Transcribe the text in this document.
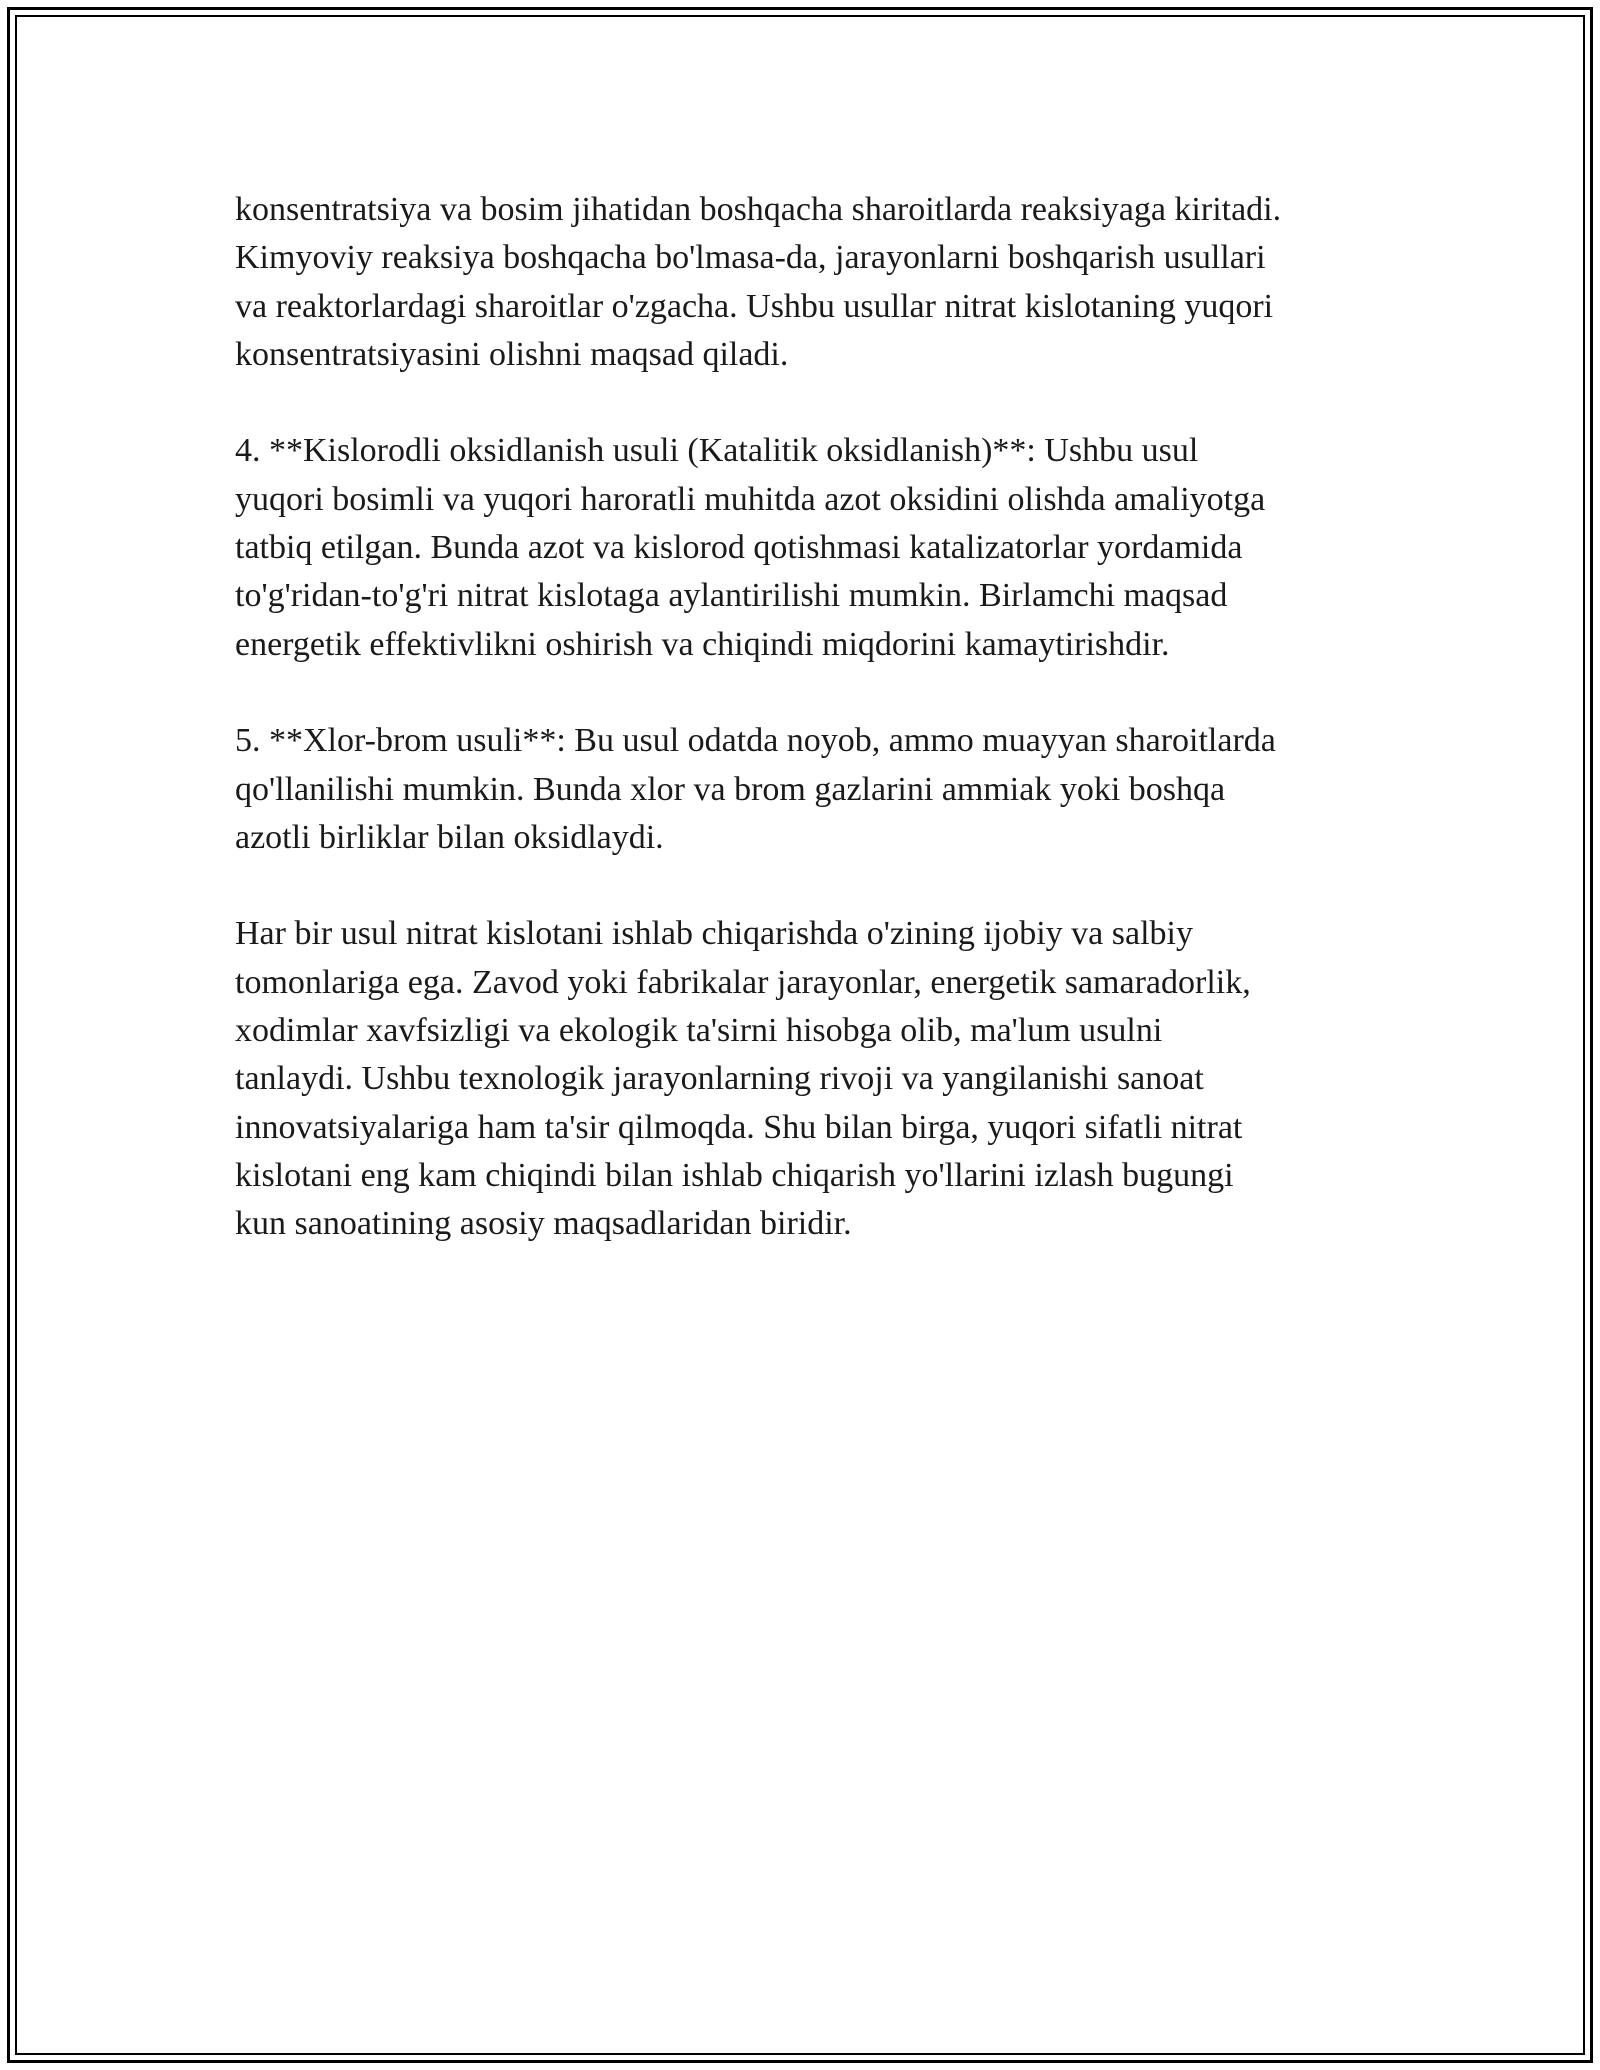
konsentratsiya va bosim jihatidan boshqacha sharoitlarda reaksiyaga kiritadi.
Kimyoviy reaksiya boshqacha bo'lmasa-da, jarayonlarni boshqarish usullari
va reaktorlardagi sharoitlar o'zgacha. Ushbu usullar nitrat kislotaning yuqori
konsentratsiyasini olishni maqsad qiladi.

4. **Kislorodli oksidlanish usuli (Katalitik oksidlanish)**: Ushbu usul
yuqori bosimli va yuqori haroratli muhitda azot oksidini olishda amaliyotga
tatbiq etilgan. Bunda azot va kislorod qotishmasi katalizatorlar yordamida
to'g'ridan-to'g'ri nitrat kislotaga aylantirilishi mumkin. Birlamchi maqsad
energetik effektivlikni oshirish va chiqindi miqdorini kamaytirishdir.

5. **Xlor-brom usuli**: Bu usul odatda noyob, ammo muayyan sharoitlarda
qo'llanilishi mumkin. Bunda xlor va brom gazlarini ammiak yoki boshqa
azotli birliklar bilan oksidlaydi.

Har bir usul nitrat kislotani ishlab chiqarishda o'zining ijobiy va salbiy
tomonlariga ega. Zavod yoki fabrikalar jarayonlar, energetik samaradorlik,
xodimlar xavfsizligi va ekologik ta'sirni hisobga olib, ma'lum usulni
tanlaydi. Ushbu texnologik jarayonlarning rivoji va yangilanishi sanoat
innovatsiyalariga ham ta'sir qilmoqda. Shu bilan birga, yuqori sifatli nitrat
kislotani eng kam chiqindi bilan ishlab chiqarish yo'llarini izlash bugungi
kun sanoatining asosiy maqsadlaridan biridir.
